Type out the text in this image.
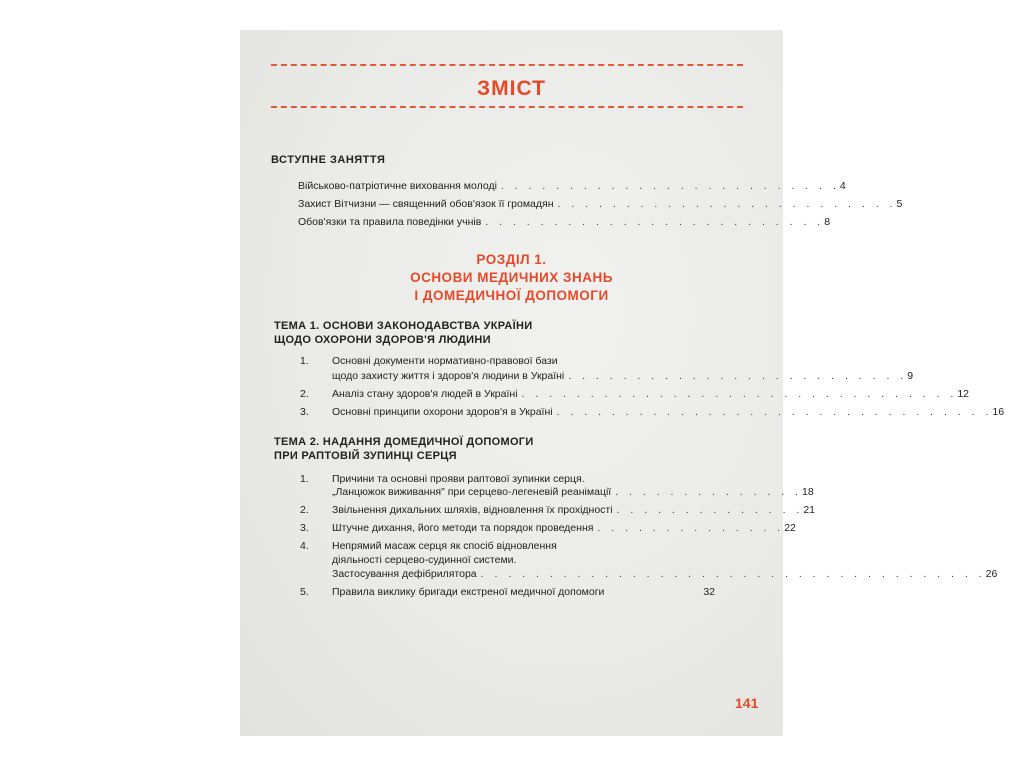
ЗМІСТ
ВСТУПНЕ ЗАНЯТТЯ
Військово-патріотичне виховання молоді . . . . . . . . . . . . . . . . . . . . . . . . . 4
Захист Вітчизни — священний обов'язок її громадян . . . . . . . . . . . . . . . . . . . . . . . . . 5
Обов'язки та правила поведінки учнів . . . . . . . . . . . . . . . . . . . . . . . . . 8
РОЗДІЛ 1.
ОСНОВИ МЕДИЧНИХ ЗНАНЬ
І ДОМЕДИЧНОЇ ДОПОМОГИ
ТЕМА 1. ОСНОВИ ЗАКОНОДАВСТВА УКРАЇНИ
ЩОДО ОХОРОНИ ЗДОРОВ'Я ЛЮДИНИ
1. Основні документи нормативно-правової бази
щодо захисту життя і здоров'я людини в Україні . . . . . . . . . . . . . . . . . . . . . . . . . 9
2. Аналіз стану здоров'я людей в Україні . . . . . . . . . . . . . . . . . . . . . . . . . . . . . . . . 12
3. Основні принципи охорони здоров'я в Україні . . . . . . . . . . . . . . . . . . . . . . . . . . . . . . . . 16
ТЕМА 2. НАДАННЯ ДОМЕДИЧНОЇ ДОПОМОГИ
ПРИ РАПТОВІЙ ЗУПИНЦІ СЕРЦЯ
1. Причини та основні прояви раптової зупинки серця.
„Ланцюжок виживання" при серцево-легеневій реанімації . . . . . . . . . . . . . . 18
2. Звільнення дихальних шляхів, відновлення їх прохідності . . . . . . . . . . . . . . 21
3. Штучне дихання, його методи та порядок проведення . . . . . . . . . . . . . . 22
4. Непрямий масаж серця як спосіб відновлення
діяльності серцево-судинної системи.
Застосування дефібрилятора . . . . . . . . . . . . . . . . . . . . . . . . . . . . . . . . . . . . . 26
5. Правила виклику бригади екстреної медичної допомоги	32
141
